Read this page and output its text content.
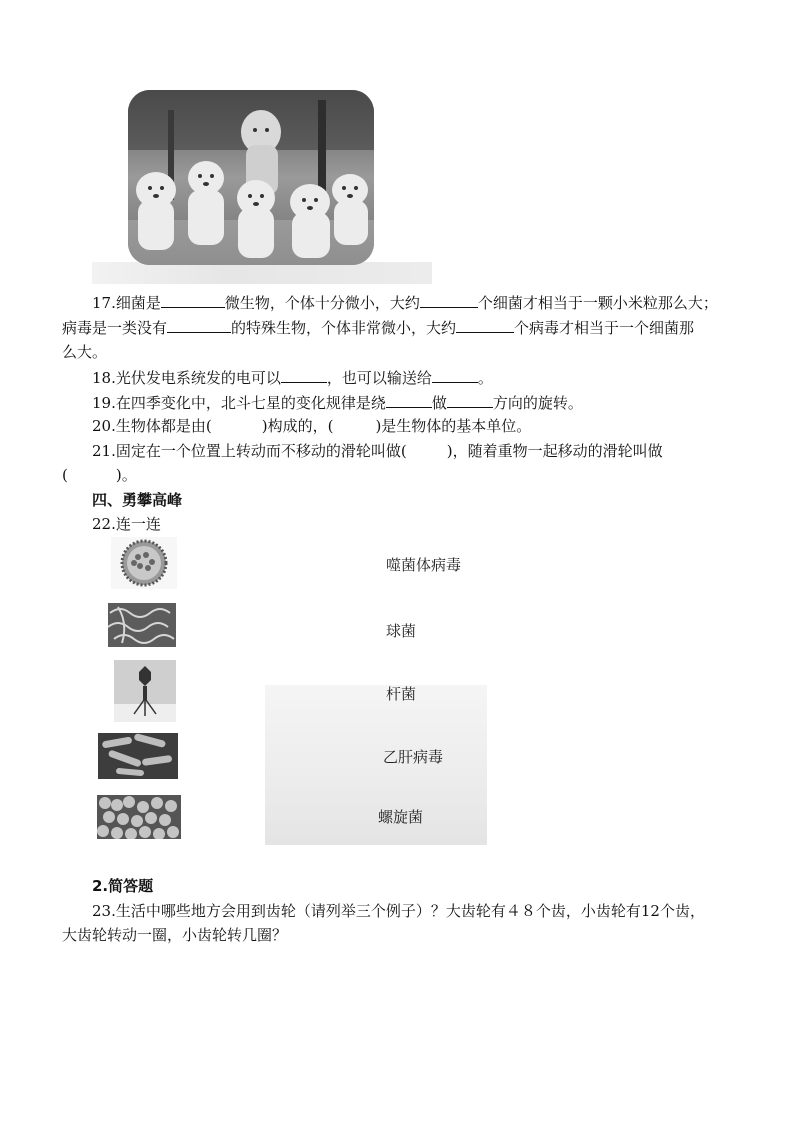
17.细菌是	微生物，个体十分微小，大约	个细菌才相当于一颗小米粒那么大；
病毒是一类没有	的特殊生物，个体非常微小，大约	个病毒才相当于一个细菌那
么大。
18.光伏发电系统发的电可以	，也可以输送给	。
19.在四季变化中，北斗七星的变化规律是绕	做	方向的旋转。
20.生物体都是由(	)构成的，(	)是生物体的基本单位。
21.固定在一个位置上转动而不移动的滑轮叫做(	)，随着重物一起移动的滑轮叫做
(	)。
四、勇攀高峰
22.连一连
噬菌体病毒
球菌
杆菌
乙肝病毒
螺旋菌
2.简答题
23.生活中哪些地方会用到齿轮（请列举三个例子）？大齿轮有４８个齿，小齿轮有12个齿，
大齿轮转动一圈，小齿轮转几圈？
